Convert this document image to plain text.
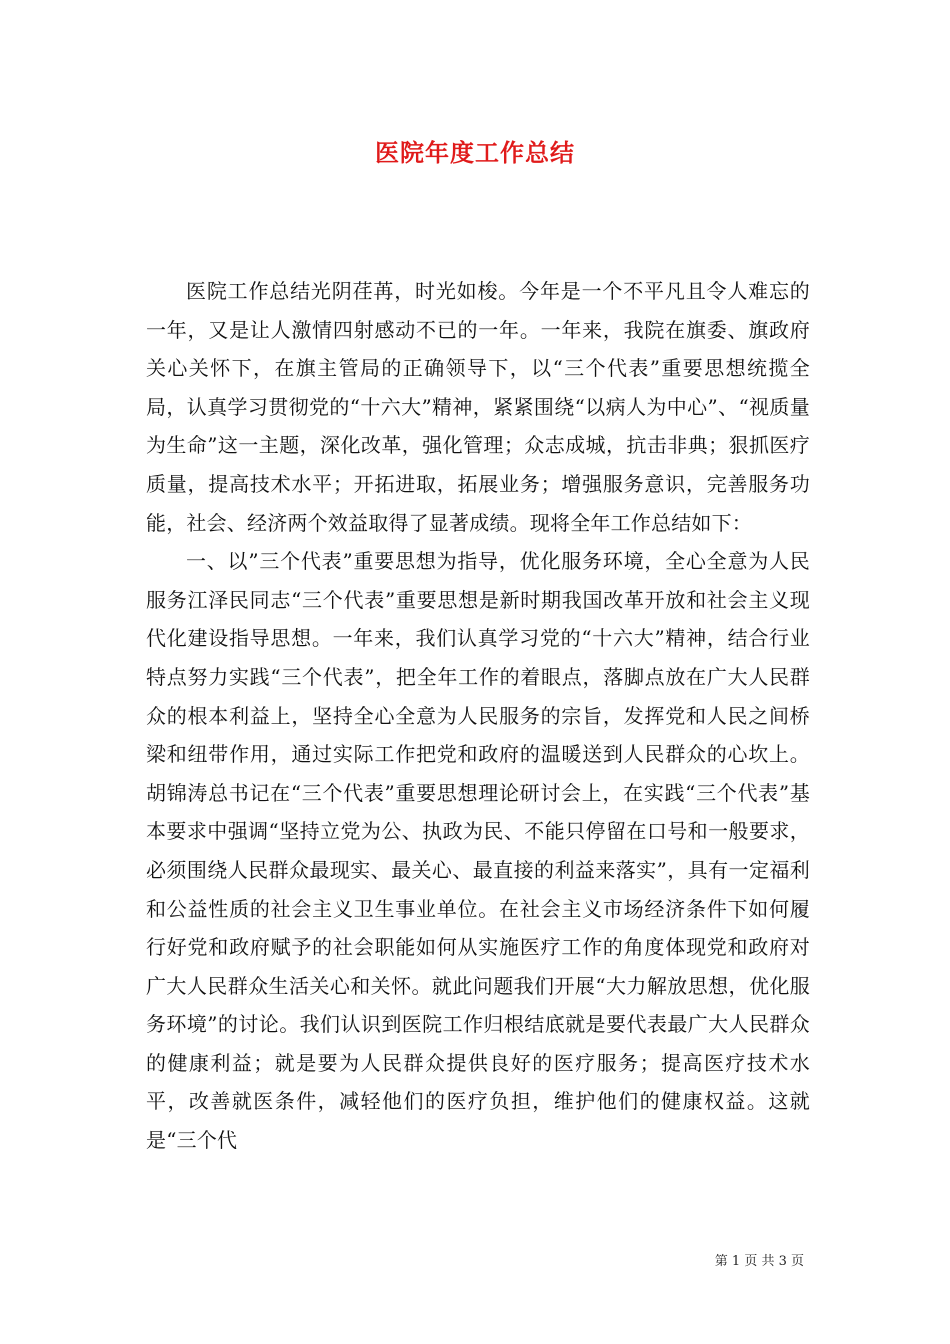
医院年度工作总结

医院工作总结光阴荏苒，时光如梭。今年是一个不平凡且令人难忘的一年，又是让人激情四射感动不已的一年。一年来，我院在旗委、旗政府关心关怀下，在旗主管局的正确领导下，以“三个代表”重要思想统揽全局，认真学习贯彻党的“十六大”精神，紧紧围绕“以病人为中心”、“视质量为生命”这一主题，深化改革，强化管理；众志成城，抗击非典；狠抓医疗质量，提高技术水平；开拓进取，拓展业务；增强服务意识，完善服务功能，社会、经济两个效益取得了显著成绩。现将全年工作总结如下：

一、以”三个代表”重要思想为指导，优化服务环境，全心全意为人民服务江泽民同志“三个代表”重要思想是新时期我国改革开放和社会主义现代化建设指导思想。一年来，我们认真学习党的“十六大”精神，结合行业特点努力实践“三个代表”，把全年工作的着眼点，落脚点放在广大人民群众的根本利益上，坚持全心全意为人民服务的宗旨，发挥党和人民之间桥梁和纽带作用，通过实际工作把党和政府的温暖送到人民群众的心坎上。胡锦涛总书记在“三个代表”重要思想理论研讨会上，在实践“三个代表”基本要求中强调“坚持立党为公、执政为民、不能只停留在口号和一般要求，必须围绕人民群众最现实、最关心、最直接的利益来落实”，具有一定福利和公益性质的社会主义卫生事业单位。在社会主义市场经济条件下如何履行好党和政府赋予的社会职能如何从实施医疗工作的角度体现党和政府对广大人民群众生活关心和关怀。就此问题我们开展“大力解放思想，优化服务环境”的讨论。我们认识到医院工作归根结底就是要代表最广大人民群众的健康利益；就是要为人民群众提供良好的医疗服务；提高医疗技术水平，改善就医条件，减轻他们的医疗负担，维护他们的健康权益。这就是“三个代

第 1 页 共 3 页
